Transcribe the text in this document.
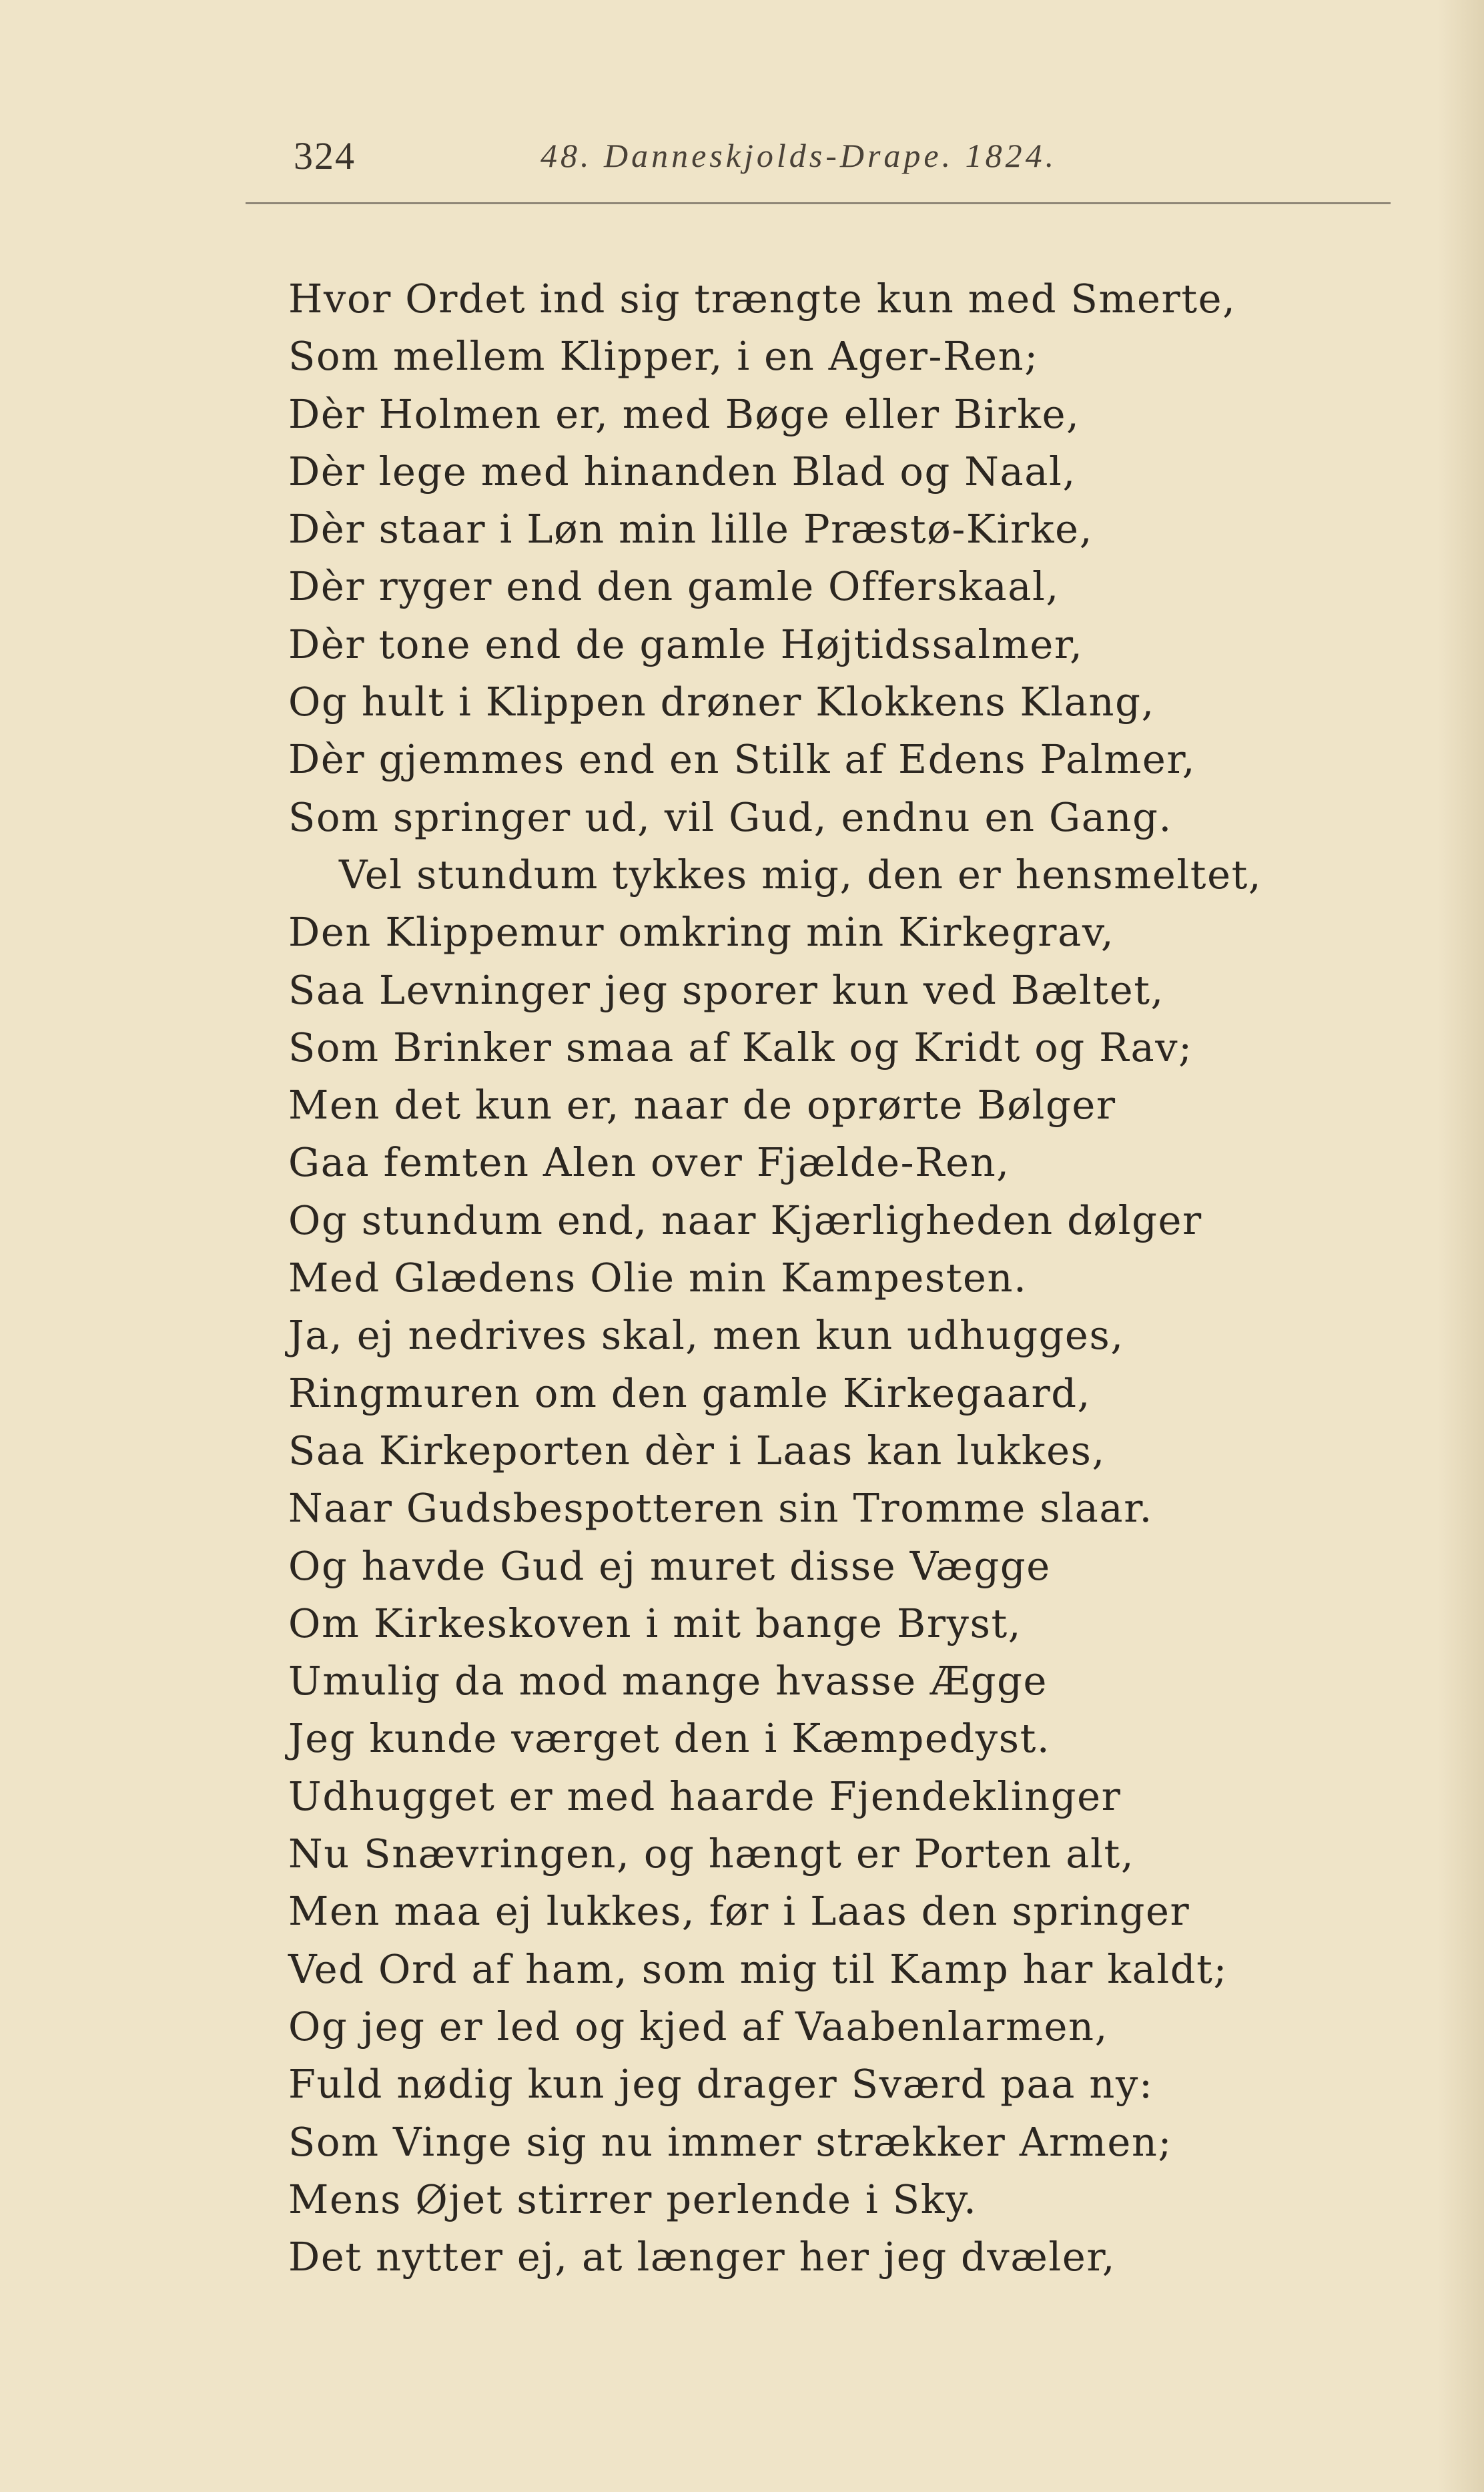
324	48. Danneskjolds-Drape. 1824.
Hvor Ordet ind sig trængte kun med Smerte,
Som mellem Klipper, i en Ager-Ren;
Dèr Holmen er, med Bøge eller Birke,
Dèr lege med hinanden Blad og Naal,
Dèr staar i Løn min lille Præstø-Kirke,
Dèr ryger end den gamle Offerskaal,
Dèr tone end de gamle Højtidssalmer,
Og hult i Klippen drøner Klokkens Klang,
Dèr gjemmes end en Stilk af Edens Palmer,
Som springer ud, vil Gud, endnu en Gang.
Vel stundum tykkes mig, den er hensmeltet,
Den Klippemur omkring min Kirkegrav,
Saa Levninger jeg sporer kun ved Bæltet,
Som Brinker smaa af Kalk og Kridt og Rav;
Men det kun er, naar de oprørte Bølger
Gaa femten Alen over Fjælde-Ren,
Og stundum end, naar Kjærligheden dølger
Med Glædens Olie min Kampesten.
Ja, ej nedrives skal, men kun udhugges,
Ringmuren om den gamle Kirkegaard,
Saa Kirkeporten dèr i Laas kan lukkes,
Naar Gudsbespotteren sin Tromme slaar.
Og havde Gud ej muret disse Vægge
Om Kirkeskoven i mit bange Bryst,
Umulig da mod mange hvasse Ægge
Jeg kunde værget den i Kæmpedyst.
Udhugget er med haarde Fjendeklinger
Nu Snævringen, og hængt er Porten alt,
Men maa ej lukkes, før i Laas den springer
Ved Ord af ham, som mig til Kamp har kaldt;
Og jeg er led og kjed af Vaabenlarmen,
Fuld nødig kun jeg drager Sværd paa ny:
Som Vinge sig nu immer strækker Armen;
Mens Øjet stirrer perlende i Sky.
Det nytter ej, at længer her jeg dvæler,
